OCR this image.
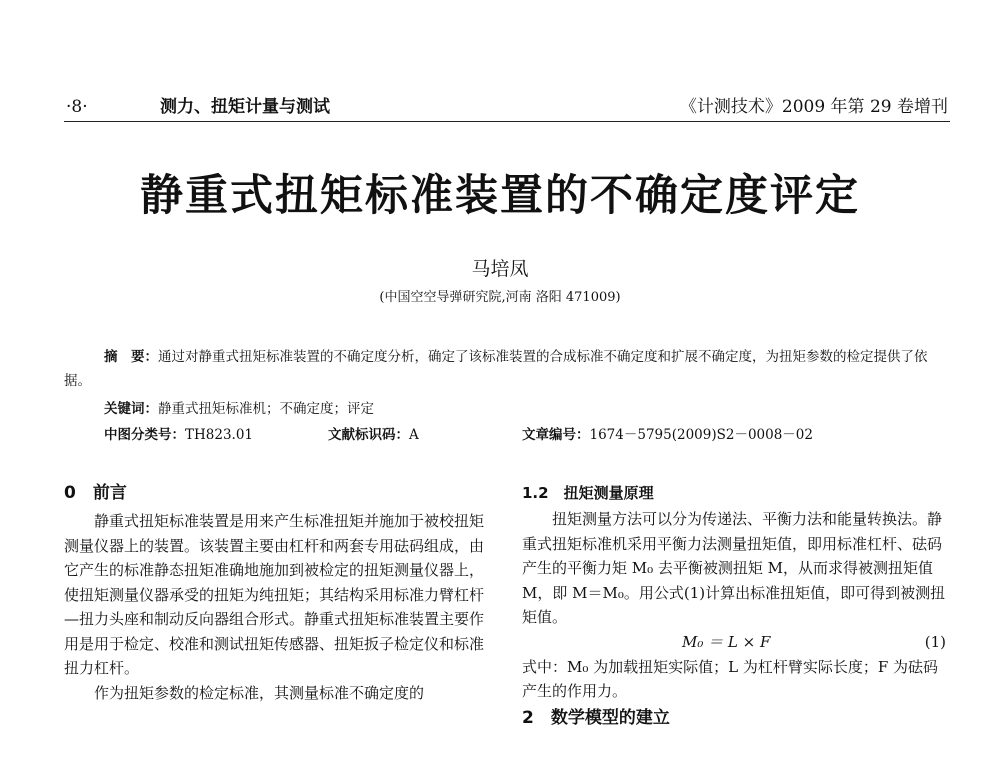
·8·	测力、扭矩计量与测试	《计测技术》2009 年第 29 卷增刊
静重式扭矩标准装置的不确定度评定
马培凤
(中国空空导弹研究院,河南 洛阳 471009)
摘　要：通过对静重式扭矩标准装置的不确定度分析，确定了该标准装置的合成标准不确定度和扩展不确定度，为扭矩参数的检定提供了依据。
关键词：静重式扭矩标准机；不确定度；评定
中图分类号：TH823.01	文献标识码：A	文章编号：1674－5795(2009)S2－0008－02
0　前言

静重式扭矩标准装置是用来产生标准扭矩并施加于被校扭矩测量仪器上的装置。该装置主要由杠杆和两套专用砝码组成，由它产生的标准静态扭矩准确地施加到被检定的扭矩测量仪器上，使扭矩测量仪器承受的扭矩为纯扭矩；其结构采用标准力臂杠杆—扭力头座和制动反向器组合形式。静重式扭矩标准装置主要作用是用于检定、校准和测试扭矩传感器、扭矩扳子检定仪和标准扭力杠杆。

作为扭矩参数的检定标准，其测量标准不确定度的

1.2　扭矩测量原理

扭矩测量方法可以分为传递法、平衡力法和能量转换法。静重式扭矩标准机采用平衡力法测量扭矩值，即用标准杠杆、砝码产生的平衡力矩 M₀ 去平衡被测扭矩 M，从而求得被测扭矩值 M，即 M＝M₀。用公式(1)计算出标准扭矩值，即可得到被测扭矩值。

M₀ ＝ L × F	(1)

式中：M₀ 为加载扭矩实际值；L 为杠杆臂实际长度；F 为砝码产生的作用力。

2　数学模型的建立
